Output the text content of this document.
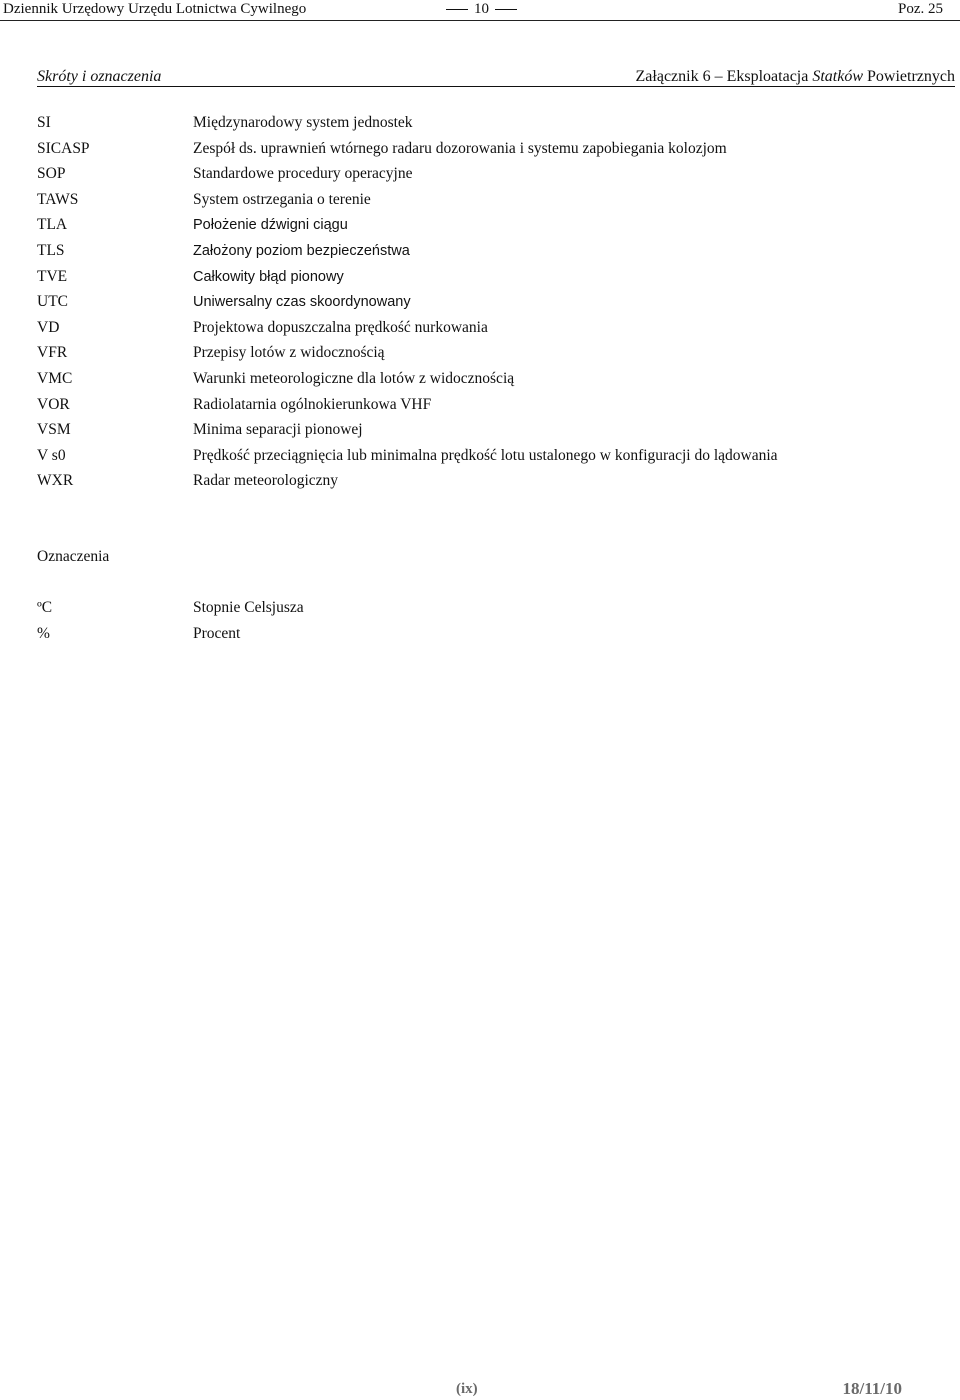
Dziennik Urzędowy Urzędu Lotnictwa Cywilnego	10	Poz. 25
Skróty i oznaczenia	Załącznik 6 – Eksploatacja Statków Powietrznych
SI	Międzynarodowy system jednostek
SICASP	Zespół ds. uprawnień wtórnego radaru dozorowania i systemu zapobiegania kolozjom
SOP	Standardowe procedury operacyjne
TAWS	System ostrzegania o terenie
TLA	Położenie dźwigni ciągu
TLS	Założony poziom bezpieczeństwa
TVE	Całkowity błąd pionowy
UTC	Uniwersalny czas skoordynowany
VD	Projektowa dopuszczalna prędkość nurkowania
VFR	Przepisy lotów z widocznością
VMC	Warunki meteorologiczne dla lotów z widocznością
VOR	Radiolatarnia ogólnokierunkowa VHF
VSM	Minima separacji pionowej
V s0	Prędkość przeciągnięcia lub minimalna prędkość lotu ustalonego w konfiguracji do lądowania
WXR	Radar meteorologiczny
Oznaczenia
ºC	Stopnie Celsjusza
%	Procent
(ix)	18/11/10
